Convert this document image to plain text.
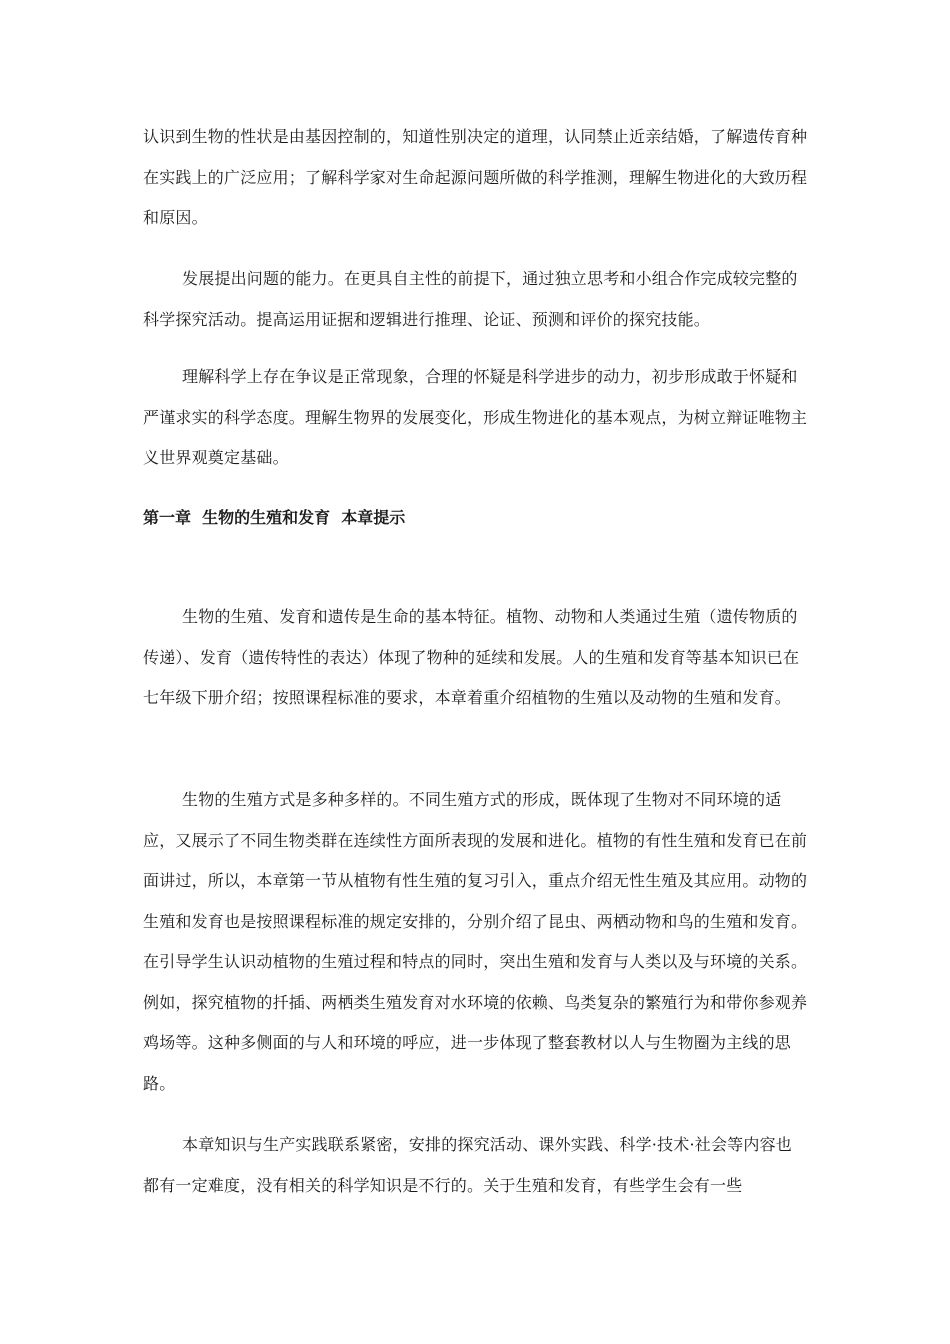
认识到生物的性状是由基因控制的，知道性别决定的道理，认同禁止近亲结婚，了解遗传育种在实践上的广泛应用；了解科学家对生命起源问题所做的科学推测，理解生物进化的大致历程和原因。
发展提出问题的能力。在更具自主性的前提下，通过独立思考和小组合作完成较完整的科学探究活动。提高运用证据和逻辑进行推理、论证、预测和评价的探究技能。
理解科学上存在争议是正常现象，合理的怀疑是科学进步的动力，初步形成敢于怀疑和严谨求实的科学态度。理解生物界的发展变化，形成生物进化的基本观点，为树立辩证唯物主义世界观奠定基础。
第一章  生物的生殖和发育  本章提示
生物的生殖、发育和遗传是生命的基本特征。植物、动物和人类通过生殖（遗传物质的传递）、发育（遗传特性的表达）体现了物种的延续和发展。人的生殖和发育等基本知识已在七年级下册介绍；按照课程标准的要求，本章着重介绍植物的生殖以及动物的生殖和发育。
生物的生殖方式是多种多样的。不同生殖方式的形成，既体现了生物对不同环境的适应，又展示了不同生物类群在连续性方面所表现的发展和进化。植物的有性生殖和发育已在前面讲过，所以，本章第一节从植物有性生殖的复习引入，重点介绍无性生殖及其应用。动物的生殖和发育也是按照课程标准的规定安排的，分别介绍了昆虫、两栖动物和鸟的生殖和发育。在引导学生认识动植物的生殖过程和特点的同时，突出生殖和发育与人类以及与环境的关系。例如，探究植物的扦插、两栖类生殖发育对水环境的依赖、鸟类复杂的繁殖行为和带你参观养鸡场等。这种多侧面的与人和环境的呼应，进一步体现了整套教材以人与生物圈为主线的思路。
本章知识与生产实践联系紧密，安排的探究活动、课外实践、科学·技术·社会等内容也都有一定难度，没有相关的科学知识是不行的。关于生殖和发育，有些学生会有一些
